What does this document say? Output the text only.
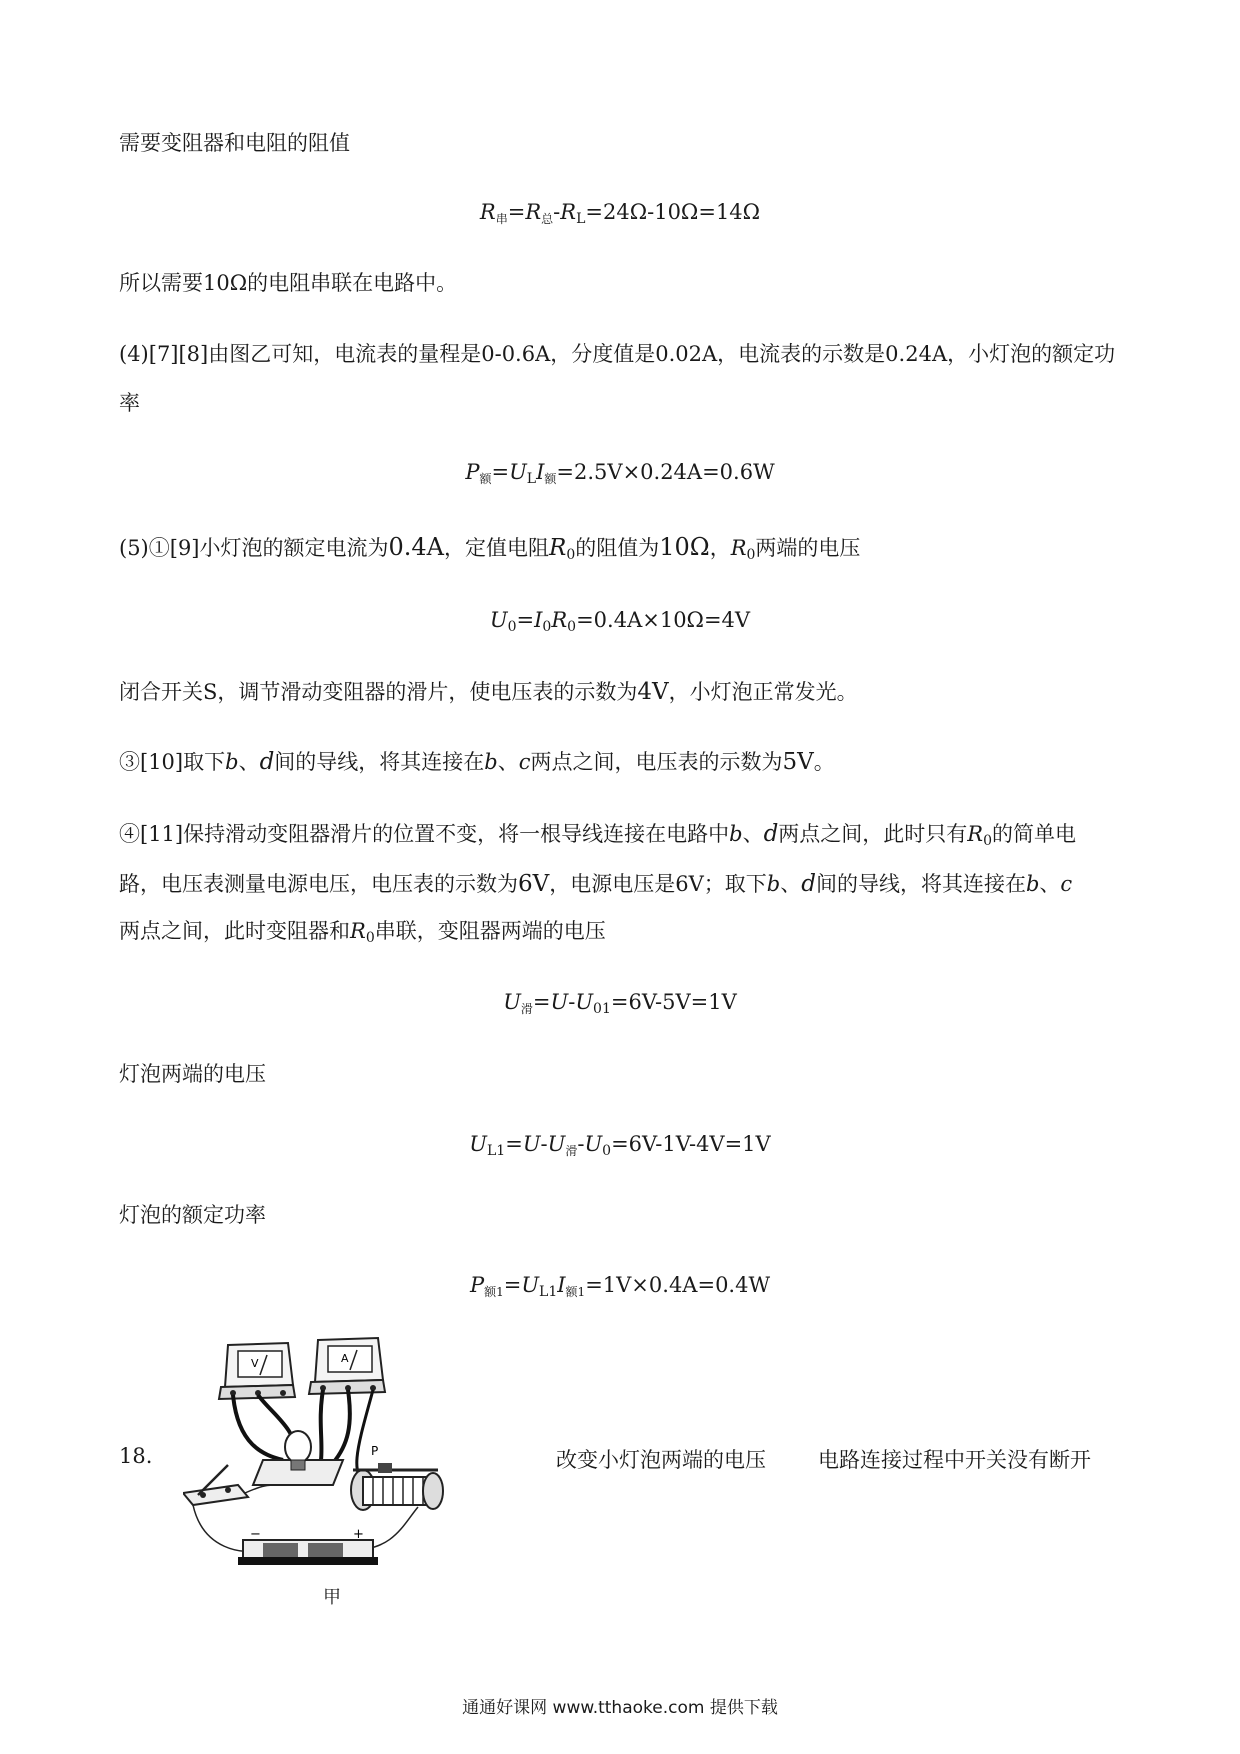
需要变阻器和电阻的阻值
R串=R总-RL=24Ω-10Ω=14Ω
所以需要10Ω的电阻串联在电路中。
(4)[7][8]由图乙可知，电流表的量程是0-0.6A，分度值是0.02A，电流表的示数是0.24A，小灯泡的额定功
率
P额=ULI额=2.5V×0.24A=0.6W
(5)①[9]小灯泡的额定电流为0.4A，定值电阻R0的阻值为10Ω，R0两端的电压
U0=I0R0=0.4A×10Ω=4V
闭合开关S，调节滑动变阻器的滑片，使电压表的示数为4V，小灯泡正常发光。
③[10]取下b、d间的导线，将其连接在b、c两点之间，电压表的示数为5V。
④[11]保持滑动变阻器滑片的位置不变，将一根导线连接在电路中b、d两点之间，此时只有R0的简单电
路，电压表测量电源电压，电压表的示数为6V，电源电压是6V；取下b、d间的导线，将其连接在b、c
两点之间，此时变阻器和R0串联，变阻器两端的电压
U滑=U-U01=6V-5V=1V
灯泡两端的电压
UL1=U-U滑-U0=6V-1V-4V=1V
灯泡的额定功率
P额1=UL1I额1=1V×0.4A=0.4W
18.
V	A
P
−	+
甲
改变小灯泡两端的电压 电路连接过程中开关没有断开
通通好课网 www.tthaoke.com 提供下载
